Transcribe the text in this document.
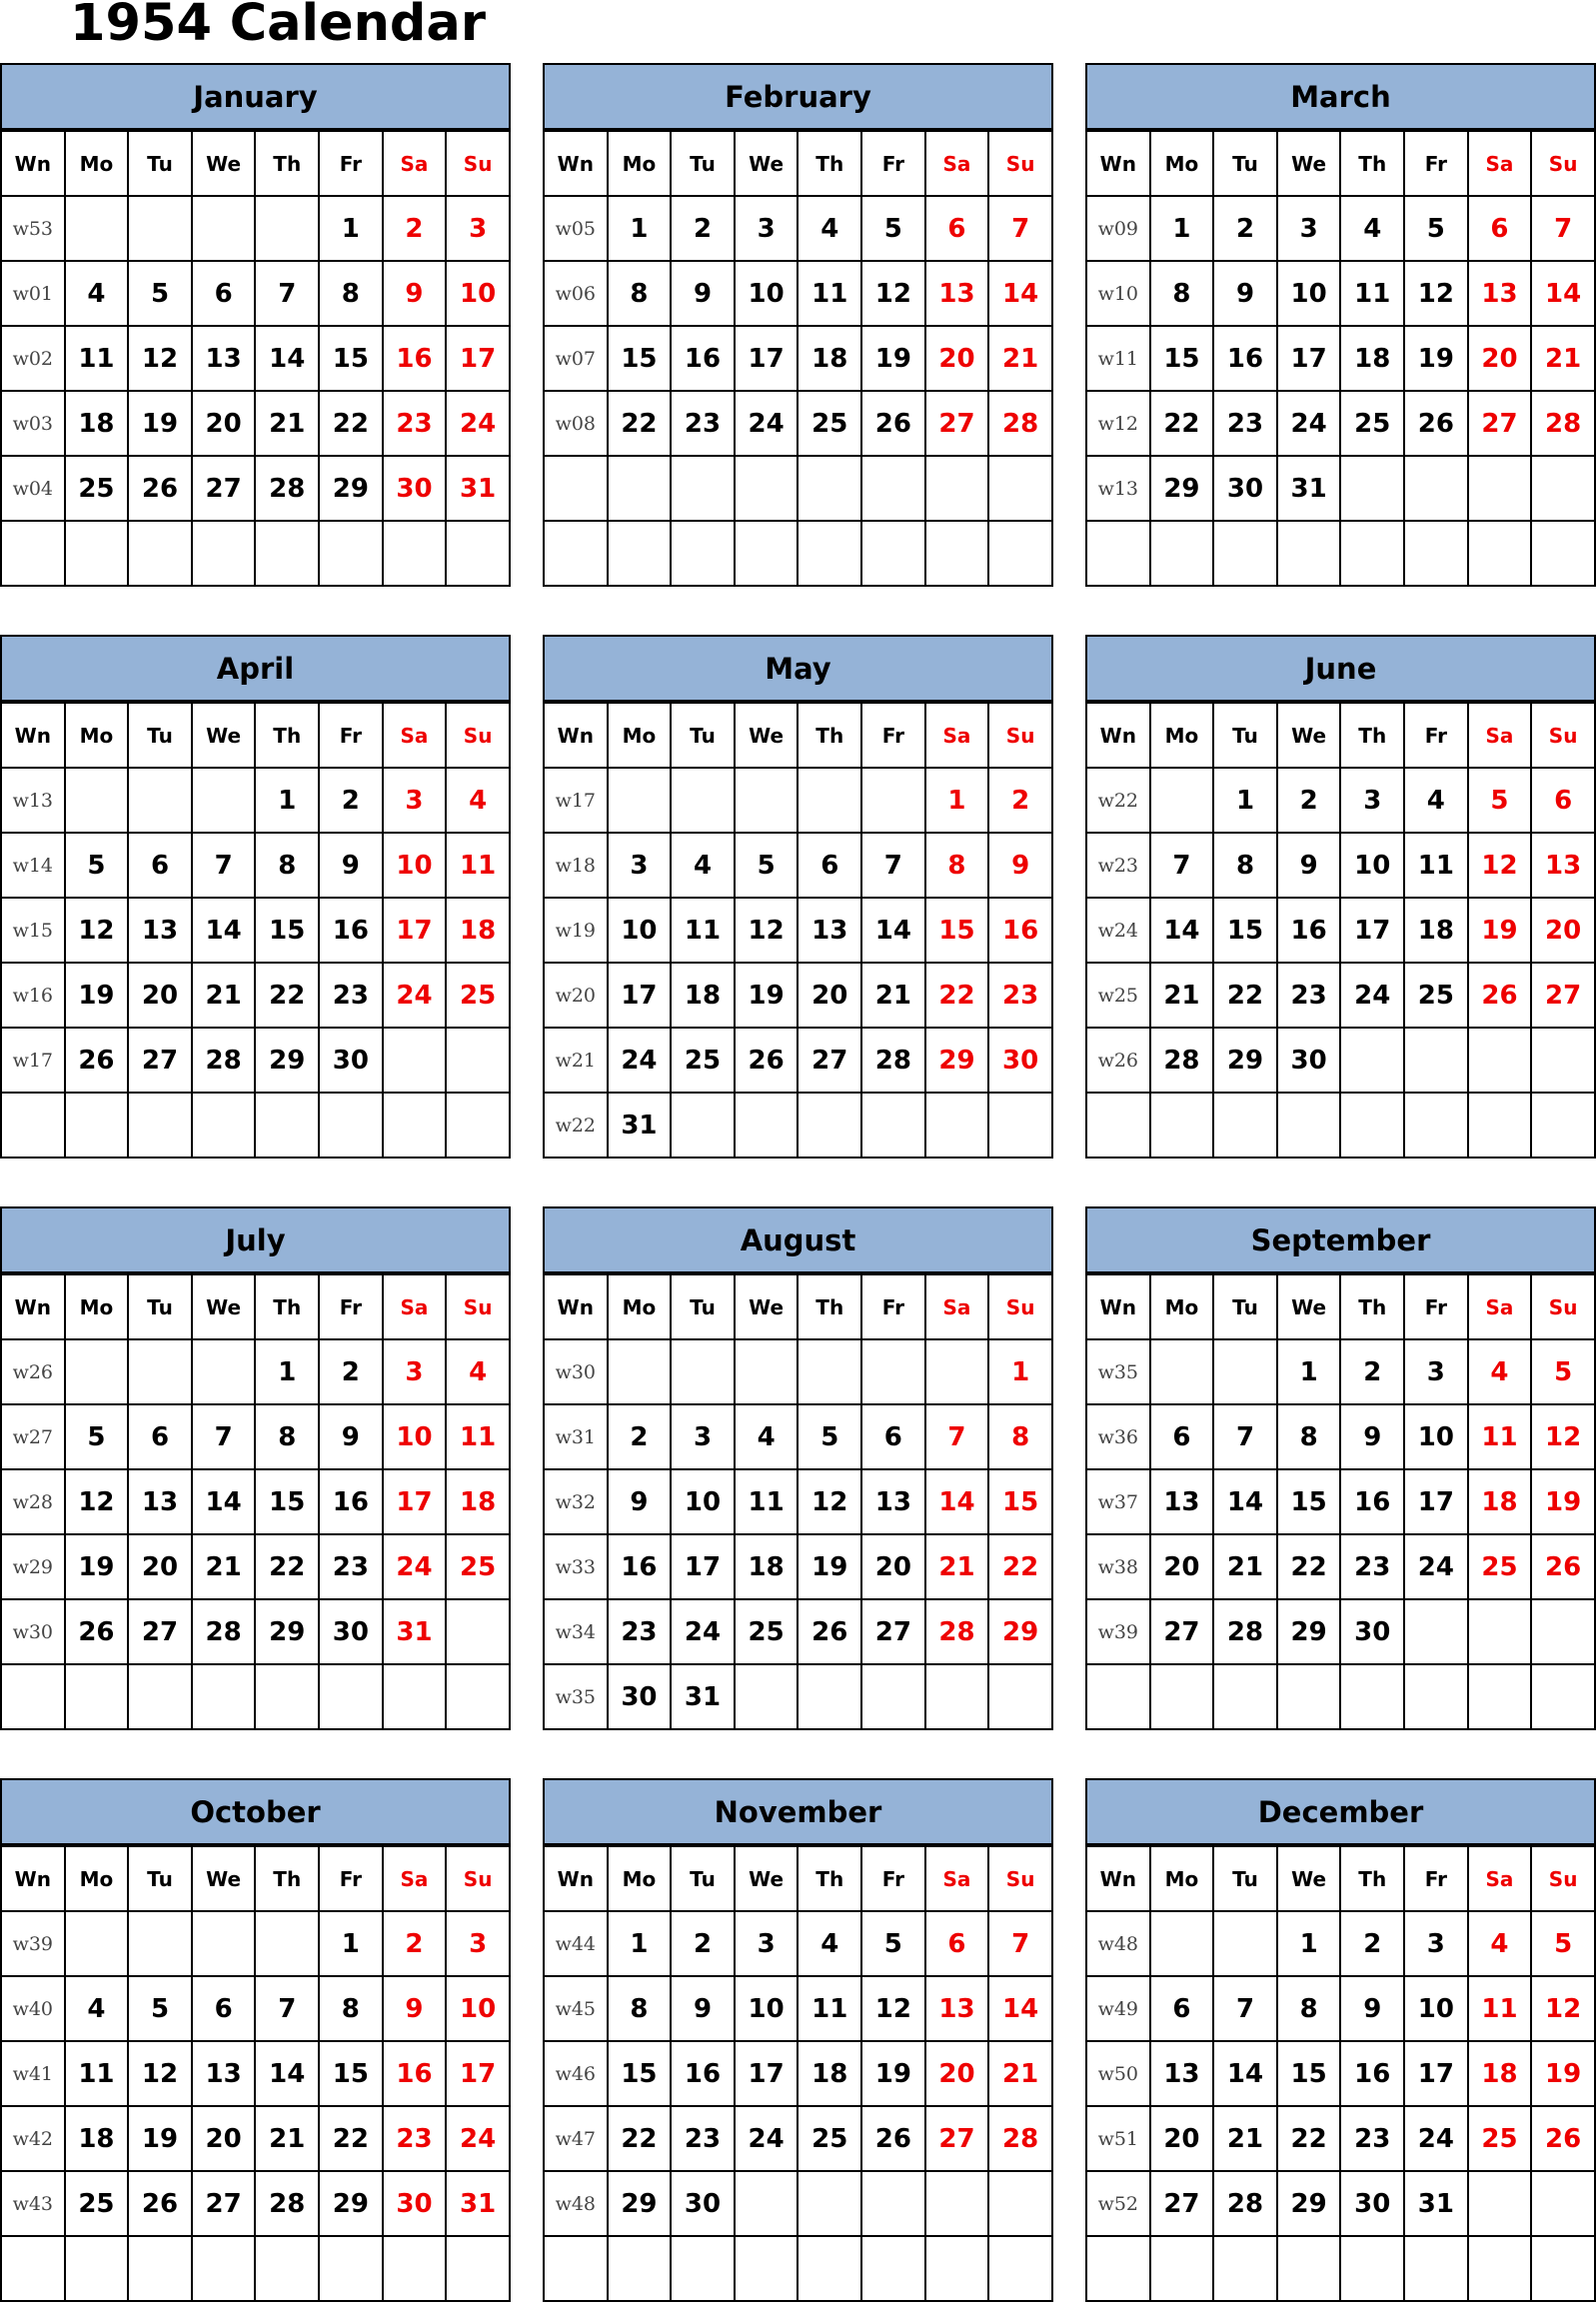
1954 Calendar
January
Wn	Mo	Tu	We	Th	Fr	Sa	Su
w53					1	2	3
w01	4	5	6	7	8	9	10
w02	11	12	13	14	15	16	17
w03	18	19	20	21	22	23	24
w04	25	26	27	28	29	30	31

February
Wn	Mo	Tu	We	Th	Fr	Sa	Su
w05	1	2	3	4	5	6	7
w06	8	9	10	11	12	13	14
w07	15	16	17	18	19	20	21
w08	22	23	24	25	26	27	28

March
Wn	Mo	Tu	We	Th	Fr	Sa	Su
w09	1	2	3	4	5	6	7
w10	8	9	10	11	12	13	14
w11	15	16	17	18	19	20	21
w12	22	23	24	25	26	27	28
w13	29	30	31				

April
Wn	Mo	Tu	We	Th	Fr	Sa	Su
w13				1	2	3	4
w14	5	6	7	8	9	10	11
w15	12	13	14	15	16	17	18
w16	19	20	21	22	23	24	25
w17	26	27	28	29	30		

May
Wn	Mo	Tu	We	Th	Fr	Sa	Su
w17						1	2
w18	3	4	5	6	7	8	9
w19	10	11	12	13	14	15	16
w20	17	18	19	20	21	22	23
w21	24	25	26	27	28	29	30
w22	31						
June
Wn	Mo	Tu	We	Th	Fr	Sa	Su
w22		1	2	3	4	5	6
w23	7	8	9	10	11	12	13
w24	14	15	16	17	18	19	20
w25	21	22	23	24	25	26	27
w26	28	29	30				

July
Wn	Mo	Tu	We	Th	Fr	Sa	Su
w26				1	2	3	4
w27	5	6	7	8	9	10	11
w28	12	13	14	15	16	17	18
w29	19	20	21	22	23	24	25
w30	26	27	28	29	30	31	

August
Wn	Mo	Tu	We	Th	Fr	Sa	Su
w30							1
w31	2	3	4	5	6	7	8
w32	9	10	11	12	13	14	15
w33	16	17	18	19	20	21	22
w34	23	24	25	26	27	28	29
w35	30	31					
September
Wn	Mo	Tu	We	Th	Fr	Sa	Su
w35			1	2	3	4	5
w36	6	7	8	9	10	11	12
w37	13	14	15	16	17	18	19
w38	20	21	22	23	24	25	26
w39	27	28	29	30			

October
Wn	Mo	Tu	We	Th	Fr	Sa	Su
w39					1	2	3
w40	4	5	6	7	8	9	10
w41	11	12	13	14	15	16	17
w42	18	19	20	21	22	23	24
w43	25	26	27	28	29	30	31

November
Wn	Mo	Tu	We	Th	Fr	Sa	Su
w44	1	2	3	4	5	6	7
w45	8	9	10	11	12	13	14
w46	15	16	17	18	19	20	21
w47	22	23	24	25	26	27	28
w48	29	30					

December
Wn	Mo	Tu	We	Th	Fr	Sa	Su
w48			1	2	3	4	5
w49	6	7	8	9	10	11	12
w50	13	14	15	16	17	18	19
w51	20	21	22	23	24	25	26
w52	27	28	29	30	31		
